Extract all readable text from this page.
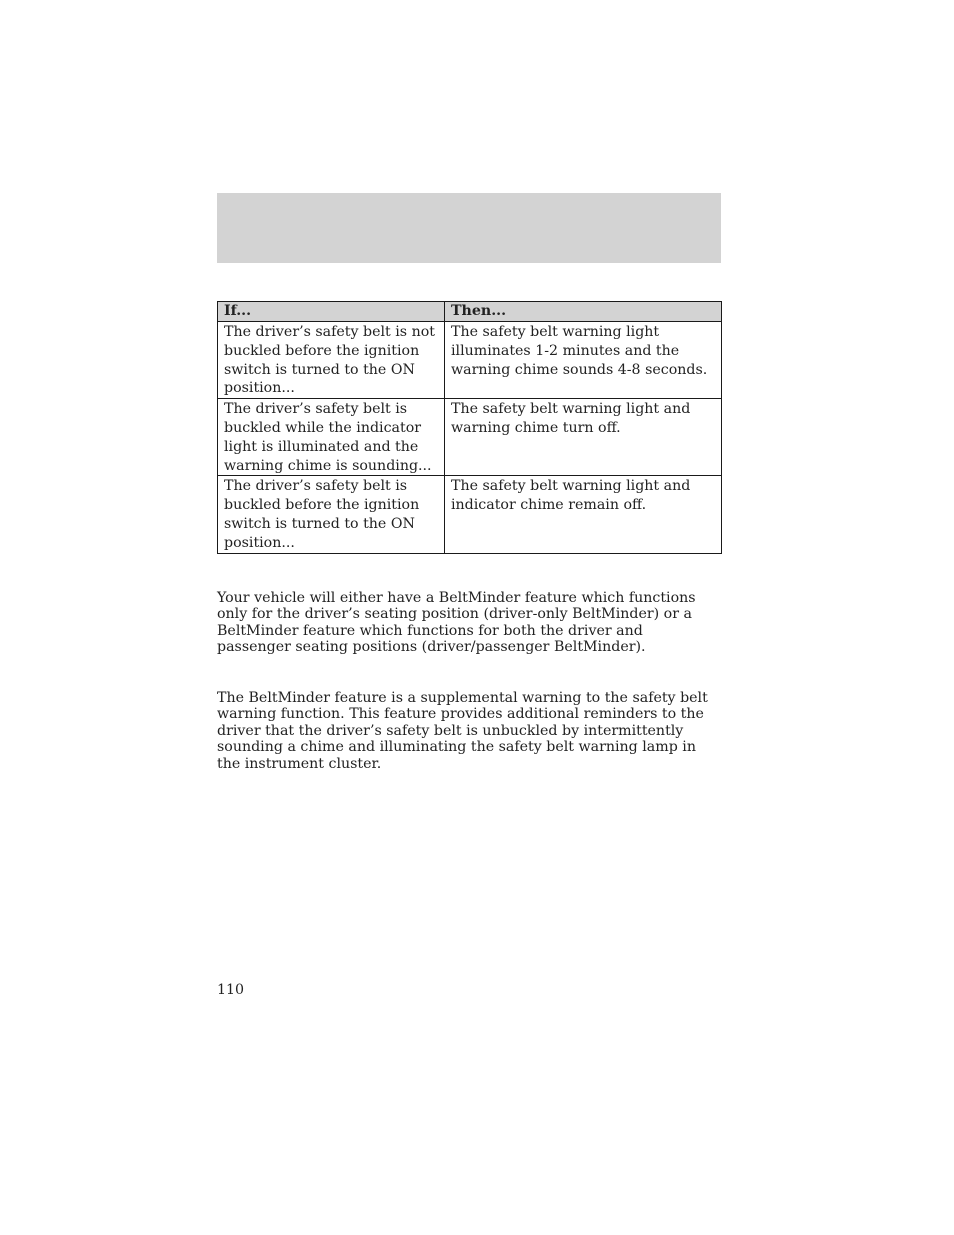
If...	Then...
The driver’s safety belt is not buckled before the ignition switch is turned to the ON position...	The safety belt warning light illuminates 1-2 minutes and the warning chime sounds 4-8 seconds.
The driver’s safety belt is buckled while the indicator light is illuminated and the warning chime is sounding...	The safety belt warning light and warning chime turn off.
The driver’s safety belt is buckled before the ignition switch is turned to the ON position...	The safety belt warning light and indicator chime remain off.

Your vehicle will either have a BeltMinder feature which functions only for the driver’s seating position (driver-only BeltMinder) or a BeltMinder feature which functions for both the driver and passenger seating positions (driver/passenger BeltMinder).

The BeltMinder feature is a supplemental warning to the safety belt warning function. This feature provides additional reminders to the driver that the driver’s safety belt is unbuckled by intermittently sounding a chime and illuminating the safety belt warning lamp in the instrument cluster.

110
